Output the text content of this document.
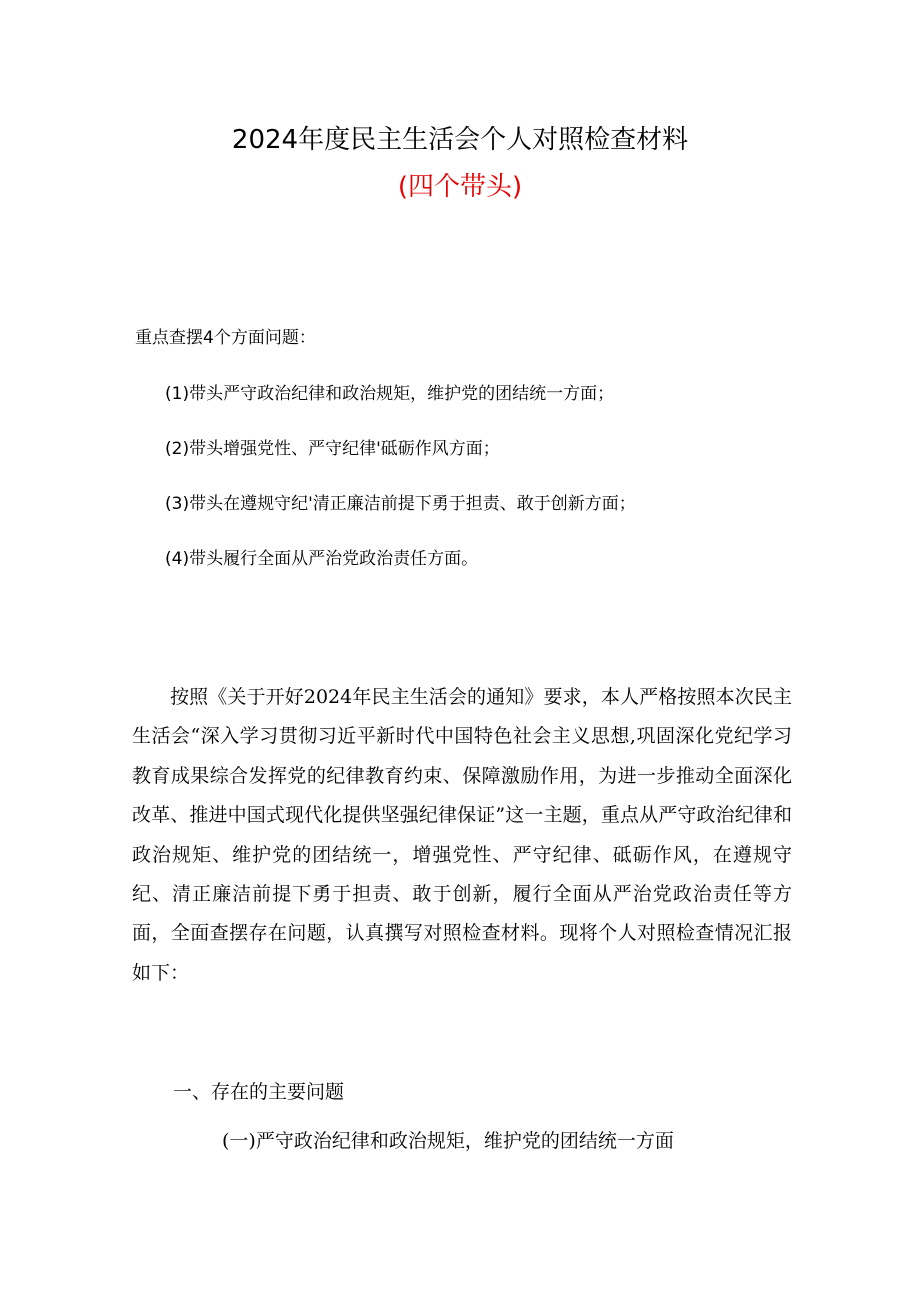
2024年度民主生活会个人对照检查材料
(四个带头)
重点查摆4个方面问题：
(1)带头严守政治纪律和政治规矩，维护党的团结统一方面；
(2)带头增强党性、严守纪律'砥砺作风方面；
(3)带头在遵规守纪'清正廉洁前提下勇于担责、敢于创新方面；
(4)带头履行全面从严治党政治责任方面。
按照《关于开好2024年民主生活会的通知》要求，本人严格按照本次民主生活会“深入学习贯彻习近平新时代中国特色社会主义思想,巩固深化党纪学习教育成果综合发挥党的纪律教育约束、保障激励作用，为进一步推动全面深化改革、推进中国式现代化提供坚强纪律保证”这一主题，重点从严守政治纪律和政治规矩、维护党的团结统一，增强党性、严守纪律、砥砺作风，在遵规守纪、清正廉洁前提下勇于担责、敢于创新，履行全面从严治党政治责任等方面，全面查摆存在问题，认真撰写对照检查材料。现将个人对照检查情况汇报如下：
一、存在的主要问题
(一)严守政治纪律和政治规矩，维护党的团结统一方面
